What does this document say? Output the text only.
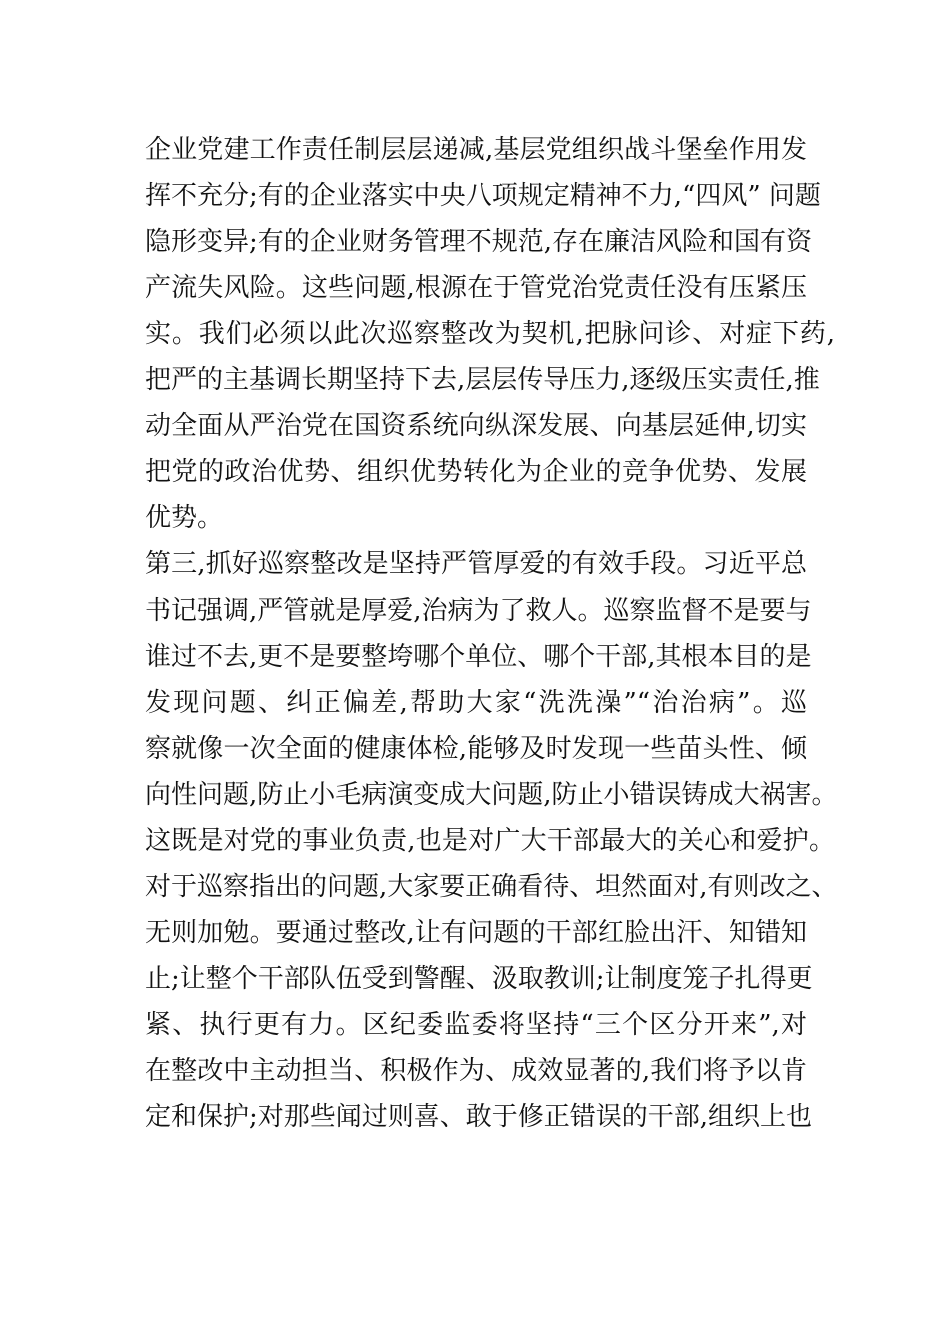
企业党建工作责任制层层递减,基层党组织战斗堡垒作用发
挥不充分;有的企业落实中央八项规定精神不力,“四风” 问题
隐形变异;有的企业财务管理不规范,存在廉洁风险和国有资
产流失风险。这些问题,根源在于管党治党责任没有压紧压
实。我们必须以此次巡察整改为契机,把脉问诊、对症下药,
把严的主基调长期坚持下去,层层传导压力,逐级压实责任,推
动全面从严治党在国资系统向纵深发展、向基层延伸,切实
把党的政治优势、组织优势转化为企业的竞争优势、发展
优势。
第三,抓好巡察整改是坚持严管厚爱的有效手段。习近平总
书记强调,严管就是厚爱,治病为了救人。巡察监督不是要与
谁过不去,更不是要整垮哪个单位、哪个干部,其根本目的是
发现问题、纠正偏差,帮助大家“洗洗澡”“治治病”。巡
察就像一次全面的健康体检,能够及时发现一些苗头性、倾
向性问题,防止小毛病演变成大问题,防止小错误铸成大祸害。
这既是对党的事业负责,也是对广大干部最大的关心和爱护。
对于巡察指出的问题,大家要正确看待、坦然面对,有则改之、
无则加勉。要通过整改,让有问题的干部红脸出汗、知错知
止;让整个干部队伍受到警醒、汲取教训;让制度笼子扎得更
紧、执行更有力。区纪委监委将坚持“三个区分开来”,对
在整改中主动担当、积极作为、成效显著的,我们将予以肯
定和保护;对那些闻过则喜、敢于修正错误的干部,组织上也
